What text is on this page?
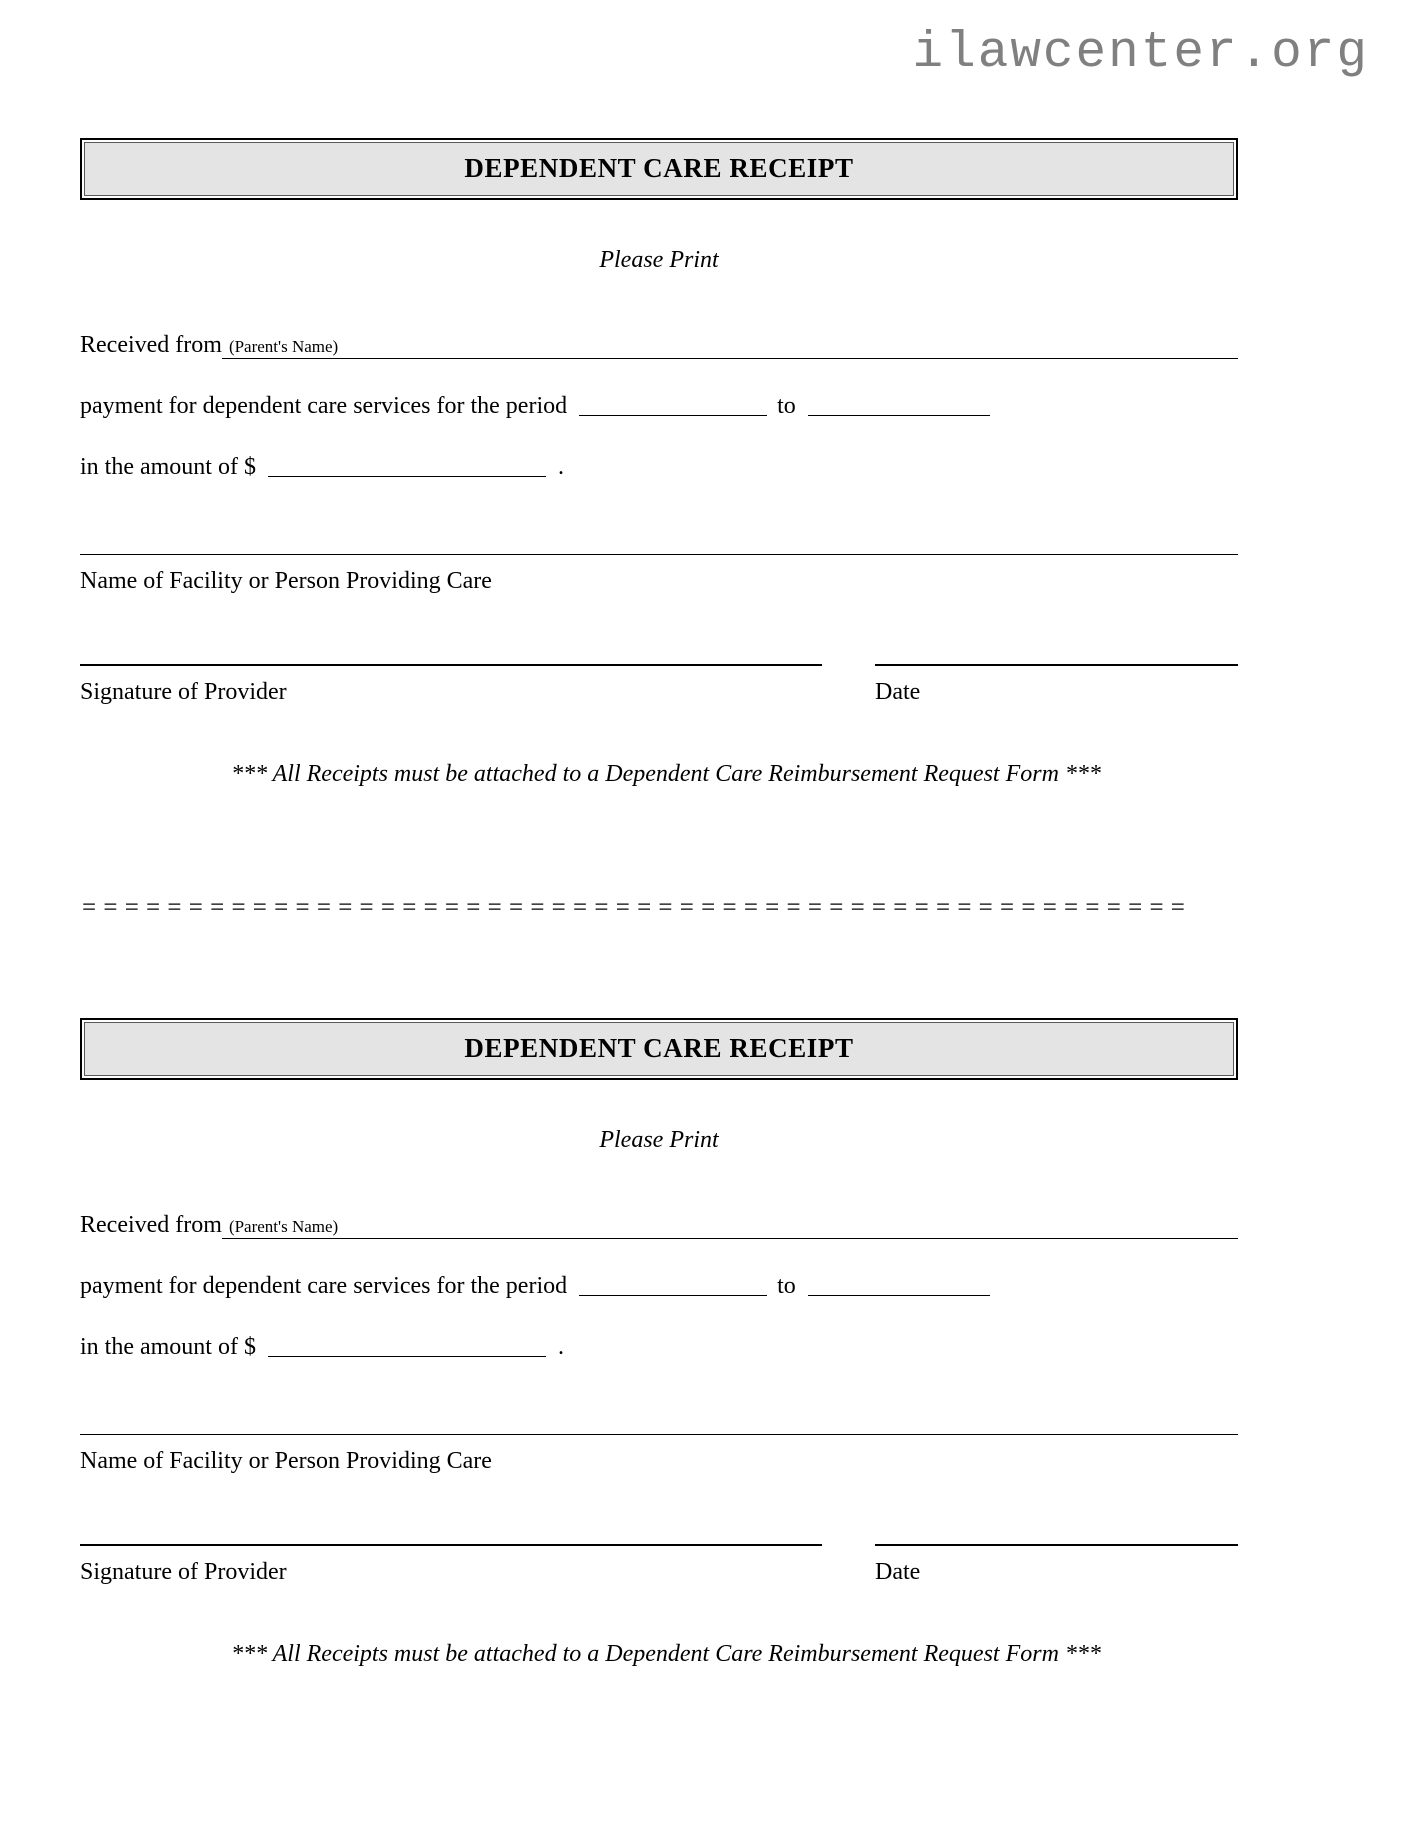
ilawcenter.org
DEPENDENT CARE RECEIPT
Please Print
Received from (Parent's Name)
payment for dependent care services for the period	to
in the amount of $	.
Name of Facility or Person Providing Care
Signature of Provider	Date
*** All Receipts must be attached to a Dependent Care Reimbursement Request Form ***
= = = = = = = = = = = = = = = = = = = = = = = = = = = = = = = = = = = = = = = = = = = = = = = = = = = =
DEPENDENT CARE RECEIPT
Please Print
Received from (Parent's Name)
payment for dependent care services for the period	to
in the amount of $	.
Name of Facility or Person Providing Care
Signature of Provider	Date
*** All Receipts must be attached to a Dependent Care Reimbursement Request Form ***
